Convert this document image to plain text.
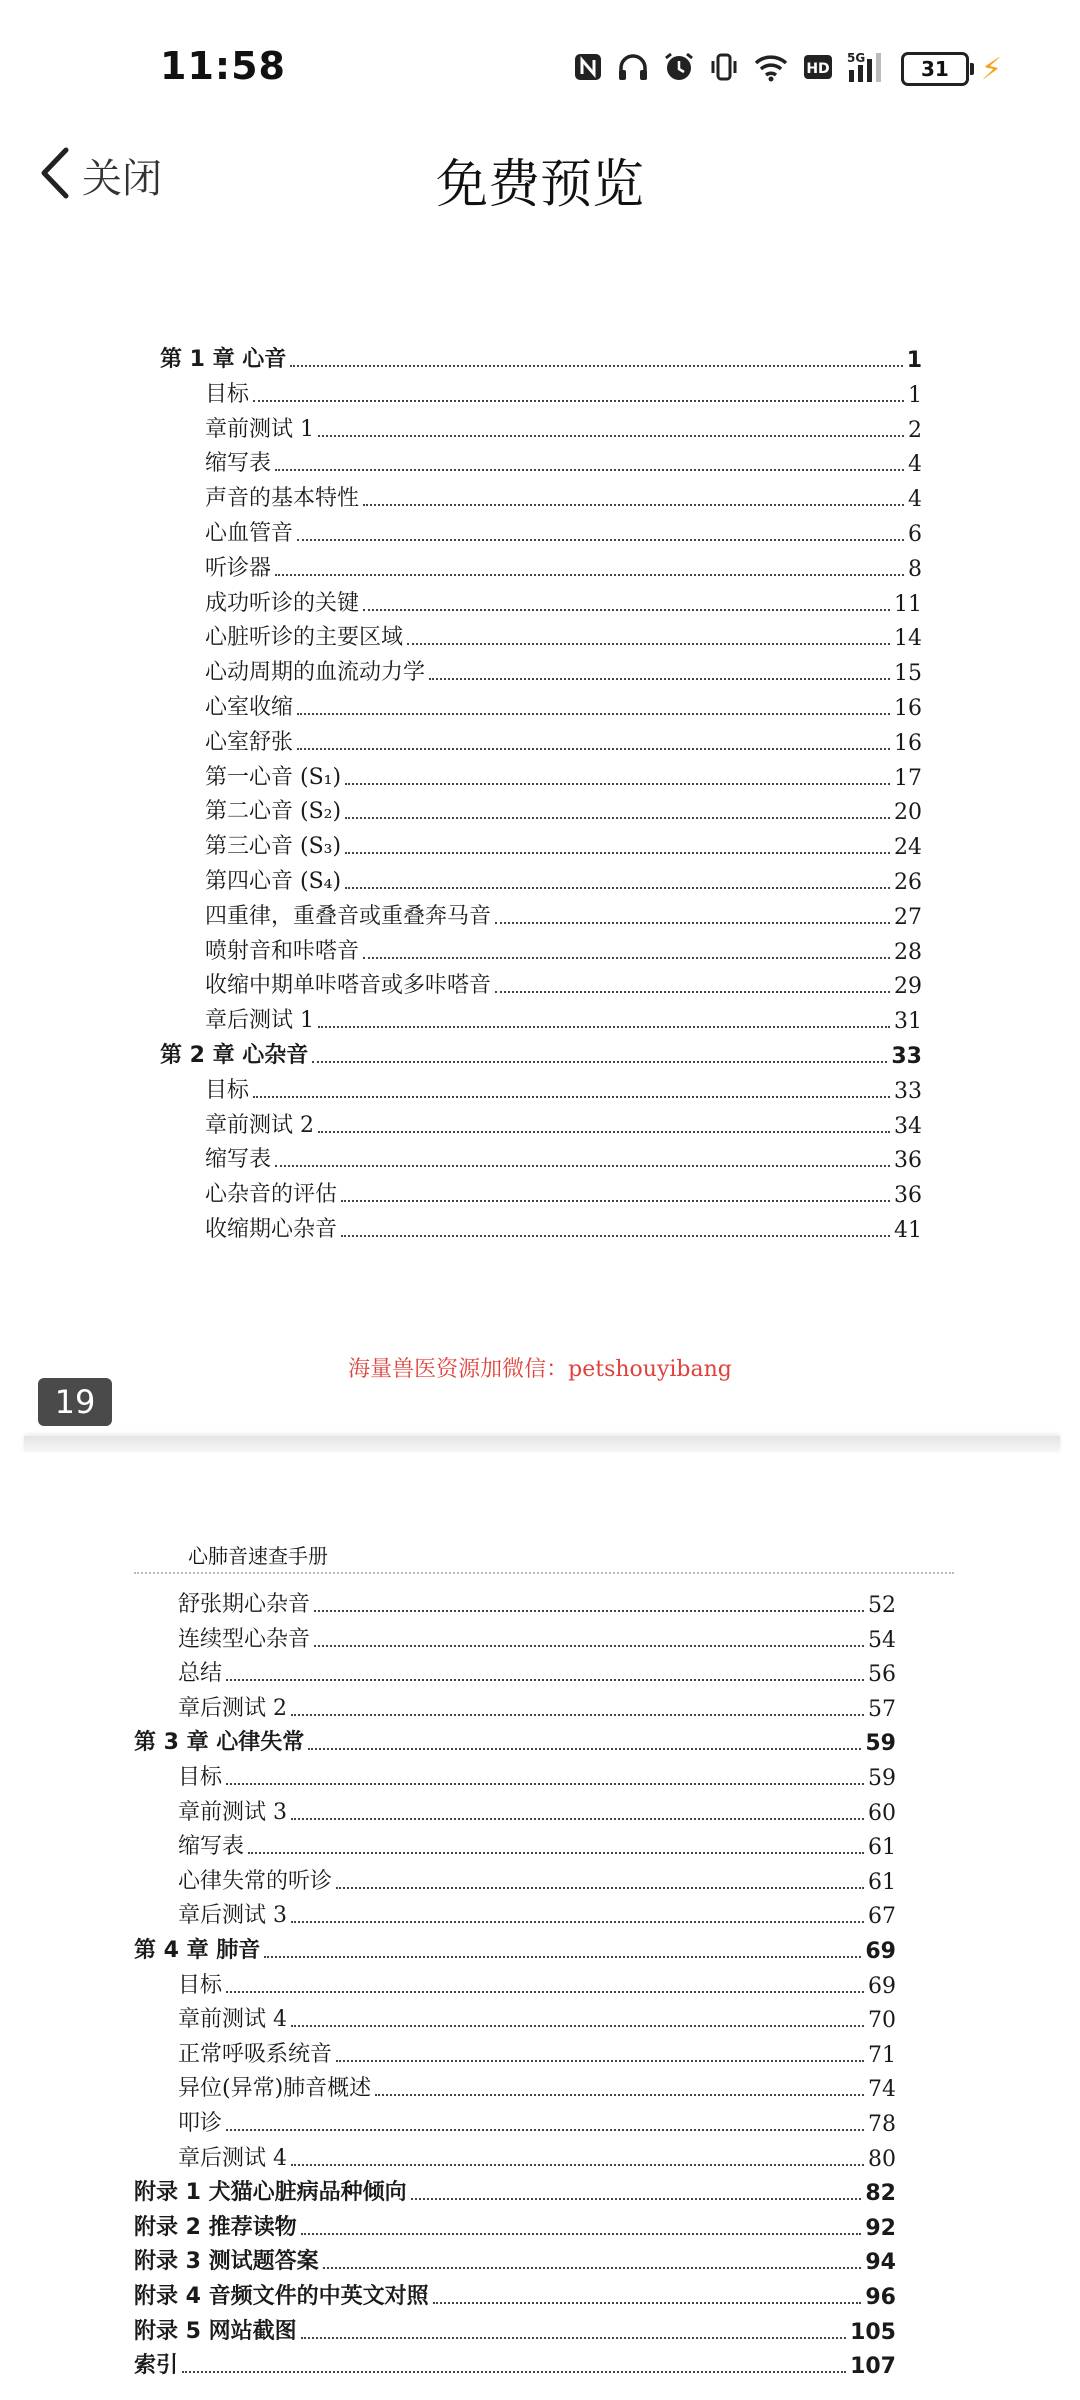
11:58	HD
5G	31	⚡
关闭	免费预览
第 1 章 心音	1
目标	1
章前测试 1	2
缩写表	4
声音的基本特性	4
心血管音	6
听诊器	8
成功听诊的关键	11
心脏听诊的主要区域	14
心动周期的血流动力学	15
心室收缩	16
心室舒张	16
第一心音 (S₁)	17
第二心音 (S₂)	20
第三心音 (S₃)	24
第四心音 (S₄)	26
四重律，重叠音或重叠奔马音	27
喷射音和咔嗒音	28
收缩中期单咔嗒音或多咔嗒音	29
章后测试 1	31
第 2 章 心杂音	33
目标	33
章前测试 2	34
缩写表	36
心杂音的评估	36
收缩期心杂音	41
海量兽医资源加微信：petshouyibang
19
心肺音速查手册
舒张期心杂音	52
连续型心杂音	54
总结	56
章后测试 2	57
第 3 章 心律失常	59
目标	59
章前测试 3	60
缩写表	61
心律失常的听诊	61
章后测试 3	67
第 4 章 肺音	69
目标	69
章前测试 4	70
正常呼吸系统音	71
异位(异常)肺音概述	74
叩诊	78
章后测试 4	80
附录 1 犬猫心脏病品种倾向	82
附录 2 推荐读物	92
附录 3 测试题答案	94
附录 4 音频文件的中英文对照	96
附录 5 网站截图	105
索引	107
